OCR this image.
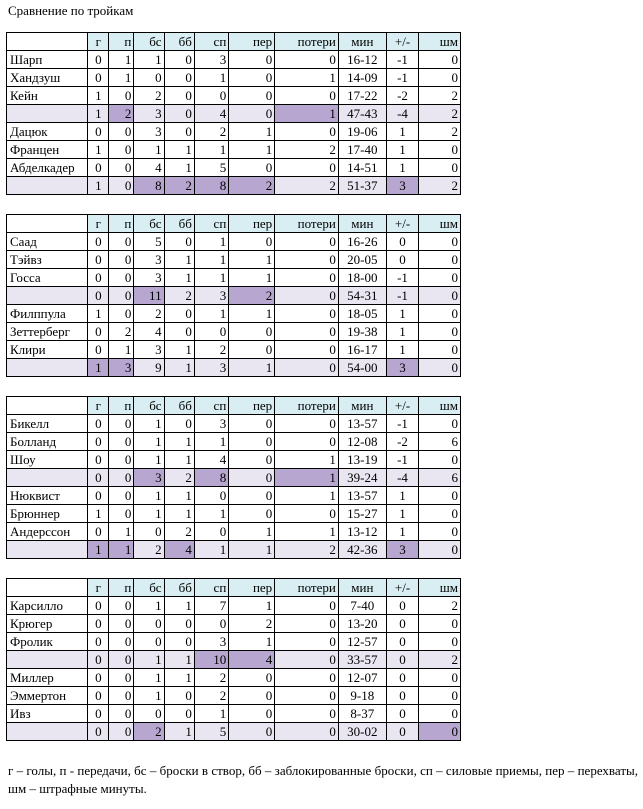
Сравнение по тройкам
	г	п	бс	бб	сп	пер	потери	мин	+/-	шм
Шарп	0	1	1	0	3	0	0	16-12	-1	0
Хандзуш	0	1	0	0	1	0	1	14-09	-1	0
Кейн	1	0	2	0	0	0	0	17-22	-2	2
	1	2	3	0	4	0	1	47-43	-4	2
Дацюк	0	0	3	0	2	1	0	19-06	1	2
Францен	1	0	1	1	1	1	2	17-40	1	0
Абделкадер	0	0	4	1	5	0	0	14-51	1	0
	1	0	8	2	8	2	2	51-37	3	2
	г	п	бс	бб	сп	пер	потери	мин	+/-	шм
Саад	0	0	5	0	1	0	0	16-26	0	0
Тэйвз	0	0	3	1	1	1	0	20-05	0	0
Госса	0	0	3	1	1	1	0	18-00	-1	0
	0	0	11	2	3	2	0	54-31	-1	0
Филппула	1	0	2	0	1	1	0	18-05	1	0
Зеттерберг	0	2	4	0	0	0	0	19-38	1	0
Клири	0	1	3	1	2	0	0	16-17	1	0
	1	3	9	1	3	1	0	54-00	3	0
	г	п	бс	бб	сп	пер	потери	мин	+/-	шм
Бикелл	0	0	1	0	3	0	0	13-57	-1	0
Болланд	0	0	1	1	1	0	0	12-08	-2	6
Шоу	0	0	1	1	4	0	1	13-19	-1	0
	0	0	3	2	8	0	1	39-24	-4	6
Нюквист	0	0	1	1	0	0	1	13-57	1	0
Брюннер	1	0	1	1	1	0	0	15-27	1	0
Андерссон	0	1	0	2	0	1	1	13-12	1	0
	1	1	2	4	1	1	2	42-36	3	0
	г	п	бс	бб	сп	пер	потери	мин	+/-	шм
Карсилло	0	0	1	1	7	1	0	7-40	0	2
Крюгер	0	0	0	0	0	2	0	13-20	0	0
Фролик	0	0	0	0	3	1	0	12-57	0	0
	0	0	1	1	10	4	0	33-57	0	2
Миллер	0	0	1	1	2	0	0	12-07	0	0
Эммертон	0	0	1	0	2	0	0	9-18	0	0
Ивз	0	0	0	0	1	0	0	8-37	0	0
	0	0	2	1	5	0	0	30-02	0	0
г – голы, п - передачи, бс – броски в створ, бб – заблокированные броски, сп – силовые приемы, пер – перехваты, шм – штрафные минуты.
